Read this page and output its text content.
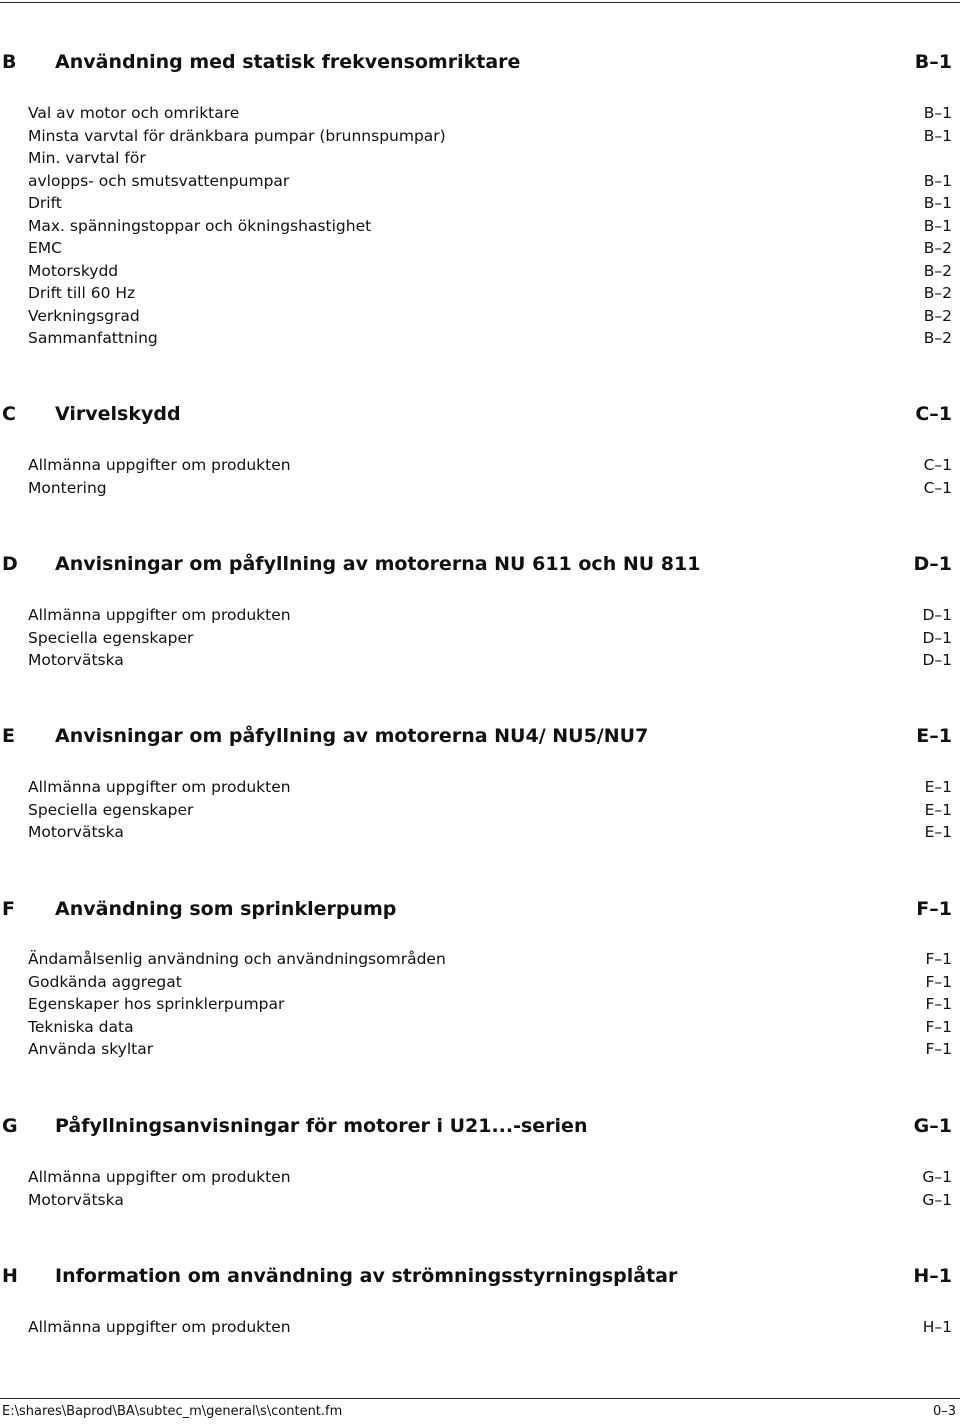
B Användning med statisk frekvensomriktare	B–1
Val av motor och omriktare	B–1
Minsta varvtal för dränkbara pumpar (brunnspumpar)	B–1
Min. varvtal för
avlopps- och smutsvattenpumpar	B–1
Drift	B–1
Max. spänningstoppar och ökningshastighet	B–1
EMC	B–2
Motorskydd	B–2
Drift till 60 Hz	B–2
Verkningsgrad	B–2
Sammanfattning	B–2
C Virvelskydd	C–1
Allmänna uppgifter om produkten	C–1
Montering	C–1
D Anvisningar om påfyllning av motorerna NU 611 och NU 811	D–1
Allmänna uppgifter om produkten	D–1
Speciella egenskaper	D–1
Motorvätska	D–1
E Anvisningar om påfyllning av motorerna NU4/ NU5/NU7	E–1
Allmänna uppgifter om produkten	E–1
Speciella egenskaper	E–1
Motorvätska	E–1
F Användning som sprinklerpump	F–1
Ändamålsenlig användning och användningsområden	F–1
Godkända aggregat	F–1
Egenskaper hos sprinklerpumpar	F–1
Tekniska data	F–1
Använda skyltar	F–1
G Påfyllningsanvisningar för motorer i U21...-serien	G–1
Allmänna uppgifter om produkten	G–1
Motorvätska	G–1
H Information om användning av strömningsstyrningsplåtar	H–1
Allmänna uppgifter om produkten	H–1
E:\shares\Baprod\BA\subtec_m\general\s\content.fm	0–3
